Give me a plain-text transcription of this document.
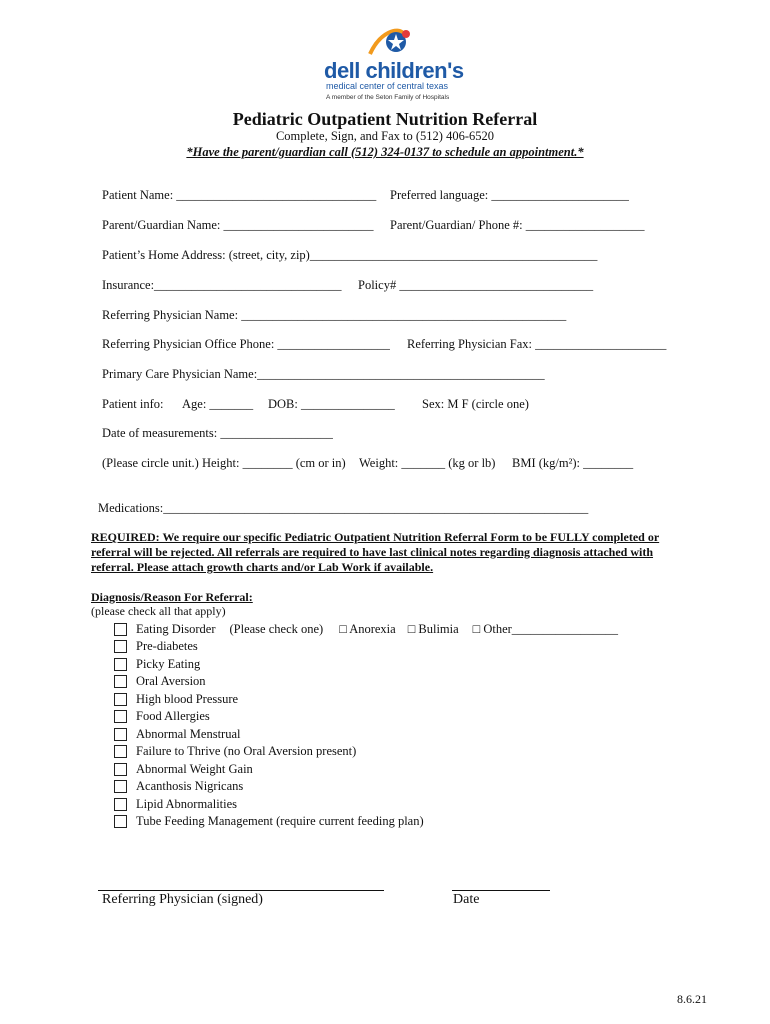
dell children's
medical center of central texas
A member of the Seton Family of Hospitals
Pediatric Outpatient Nutrition Referral
Complete, Sign, and Fax to (512) 406-6520
*Have the parent/guardian call (512) 324-0137 to schedule an appointment.*
Patient Name: ________________________________ Preferred language: ______________________
Parent/Guardian Name: ________________________ Parent/Guardian/ Phone #: ___________________
Patient’s Home Address: (street, city, zip)______________________________________________
Insurance:______________________________ Policy# _______________________________
Referring Physician Name: ____________________________________________________
Referring Physician Office Phone: __________________ Referring Physician Fax: _____________________
Primary Care Physician Name:______________________________________________
Patient info: Age: _______ DOB: _______________ Sex: M F (circle one)
Date of measurements: __________________
(Please circle unit.) Height: ________ (cm or in) Weight: _______ (kg or lb) BMI (kg/m²): ________
Medications:____________________________________________________________________
REQUIRED: We require our specific Pediatric Outpatient Nutrition Referral Form to be FULLY completed or referral will be rejected. All referrals are required to have last clinical notes regarding diagnosis attached with referral. Please attach growth charts and/or Lab Work if available.
Diagnosis/Reason For Referral:
(please check all that apply)
Eating Disorder (Please check one) □ Anorexia □ Bulimia □ Other_________________
Pre-diabetes
Picky Eating
Oral Aversion
High blood Pressure
Food Allergies
Abnormal Menstrual
Failure to Thrive (no Oral Aversion present)
Abnormal Weight Gain
Acanthosis Nigricans
Lipid Abnormalities
Tube Feeding Management (require current feeding plan)
Referring Physician (signed)	Date
8.6.21
